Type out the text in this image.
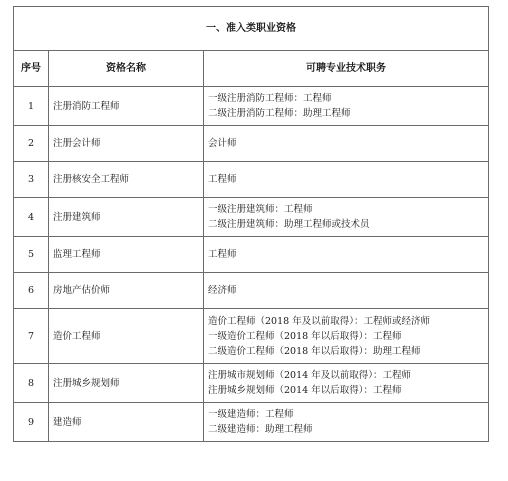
一、准入类职业资格		
序号	资格名称	可聘专业技术职务
1	注册消防工程师	一级注册消防工程师：工程师
二级注册消防工程师：助理工程师

2	注册会计师	会计师

3	注册核安全工程师	工程师

4	注册建筑师	一级注册建筑师：工程师
二级注册建筑师：助理工程师或技术员

5	监理工程师	工程师

6	房地产估价师	经济师

7	造价工程师	造价工程师（2018 年及以前取得）：工程师或经济师
一级造价工程师（2018 年以后取得）：工程师
二级造价工程师（2018 年以后取得）：助理工程师

8	注册城乡规划师	注册城市规划师（2014 年及以前取得）：工程师
注册城乡规划师（2014 年以后取得）：工程师

9	建造师	一级建造师：工程师
二级建造师：助理工程师
